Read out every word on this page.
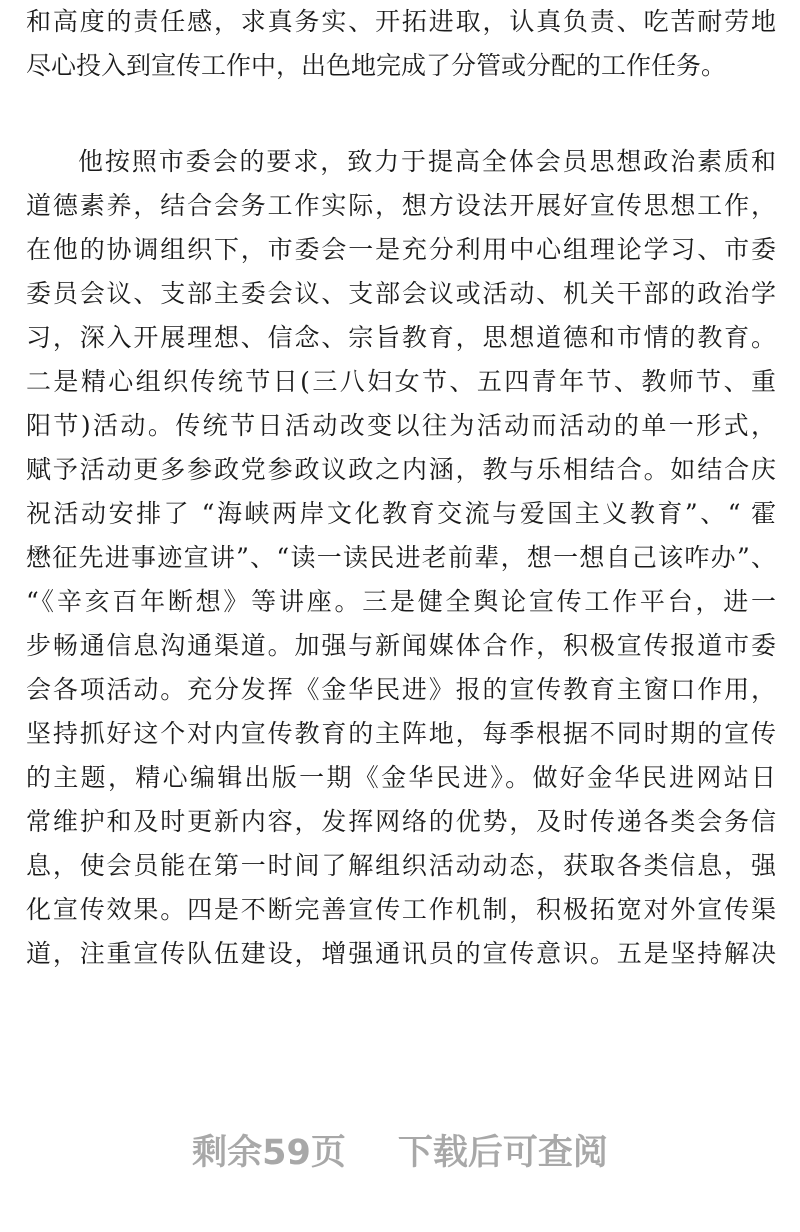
和高度的责任感，求真务实、开拓进取，认真负责、吃苦耐劳地
尽心投入到宣传工作中，出色地完成了分管或分配的工作任务。
他按照市委会的要求，致力于提高全体会员思想政治素质和
道德素养，结合会务工作实际，想方设法开展好宣传思想工作，
在他的协调组织下，市委会一是充分利用中心组理论学习、市委
委员会议、支部主委会议、支部会议或活动、机关干部的政治学
习，深入开展理想、信念、宗旨教育，思想道德和市情的教育。
二是精心组织传统节日(三八妇女节、五四青年节、教师节、重
阳节)活动。传统节日活动改变以往为活动而活动的单一形式，
赋予活动更多参政党参政议政之内涵，教与乐相结合。如结合庆
祝活动安排了 “海峡两岸文化教育交流与爱国主义教育”、“ 霍
懋征先进事迹宣讲”、“读一读民进老前辈，想一想自己该咋办”、
“《辛亥百年断想》等讲座。三是健全舆论宣传工作平台，进一
步畅通信息沟通渠道。加强与新闻媒体合作，积极宣传报道市委
会各项活动。充分发挥《金华民进》报的宣传教育主窗口作用，
坚持抓好这个对内宣传教育的主阵地，每季根据不同时期的宣传
的主题，精心编辑出版一期《金华民进》。做好金华民进网站日
常维护和及时更新内容，发挥网络的优势，及时传递各类会务信
息，使会员能在第一时间了解组织活动动态，获取各类信息，强
化宣传效果。四是不断完善宣传工作机制，积极拓宽对外宣传渠
道，注重宣传队伍建设，增强通讯员的宣传意识。五是坚持解决
剩余59页 下载后可查阅
